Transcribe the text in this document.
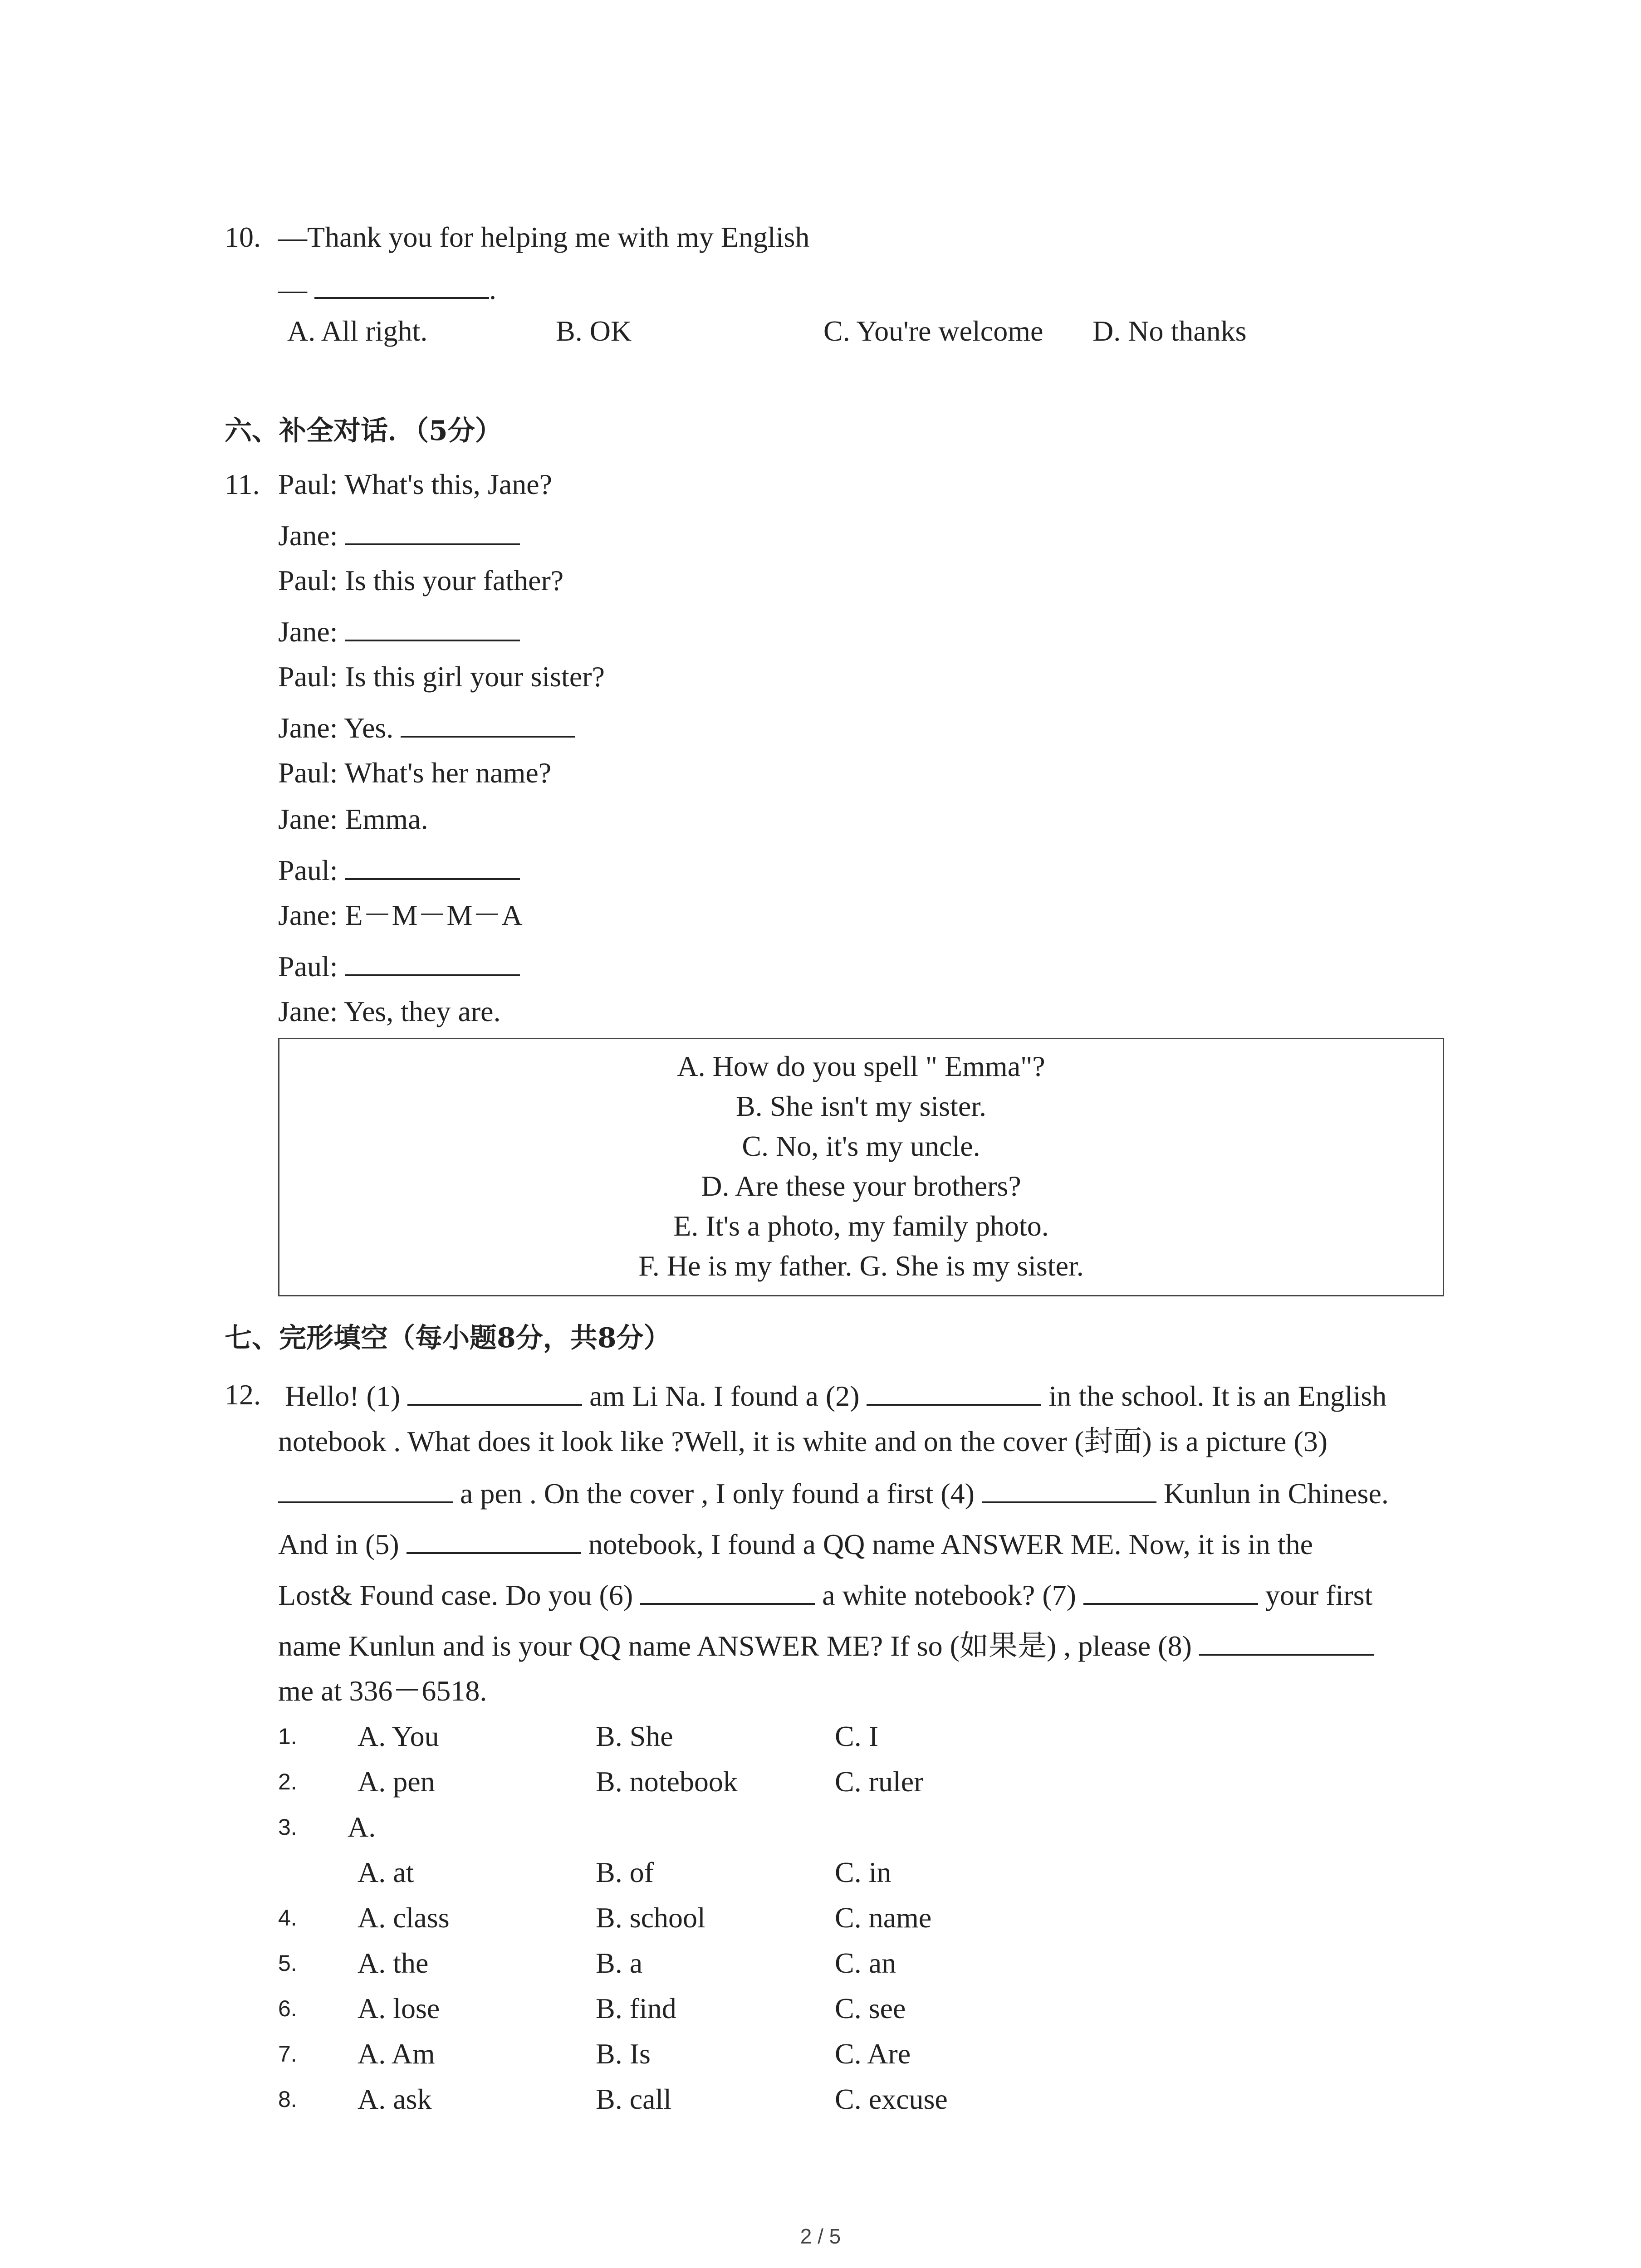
10. —Thank you for helping me with my English
—	.
A. All right.	B. OK	C. You're welcome D. No thanks
六、补全对话．（5分）
11. Paul: What's this, Jane?
Jane:
Paul: Is this your father?
Jane:
Paul: Is this girl your sister?
Jane: Yes.
Paul: What's her name?
Jane: Emma.
Paul:
Jane: E－M－M－A
Paul:
Jane: Yes, they are.
A. How do you spell " Emma"?
B. She isn't my sister.
C. No, it's my uncle.
D. Are these your brothers?
E. It's a photo, my family photo.
F. He is my father. G. She is my sister.
七、完形填空（每小题8分，共8分）
12. Hello! (1)	am Li Na. I found a (2)	in the school. It is an English
notebook . What does it look like ?Well, it is white and on the cover (封面) is a picture (3)
a pen . On the cover , I only found a first (4)	Kunlun in Chinese.
And in (5)	notebook, I found a QQ name ANSWER ME. Now, it is in the
Lost& Found case. Do you (6)	a white notebook? (7)	your first
name Kunlun and is your QQ name ANSWER ME? If so (如果是) , please (8)
me at 336－6518.
1. A. You	B. She	C. I
2. A. pen	B. notebook	C. ruler
3. A.
A. at	B. of	C. in
4. A. class	B. school	C. name
5. A. the	B. a	C. an
6. A. lose	B. find	C. see
7. A. Am	B. Is	C. Are
8. A. ask	B. call	C. excuse
2 / 5
